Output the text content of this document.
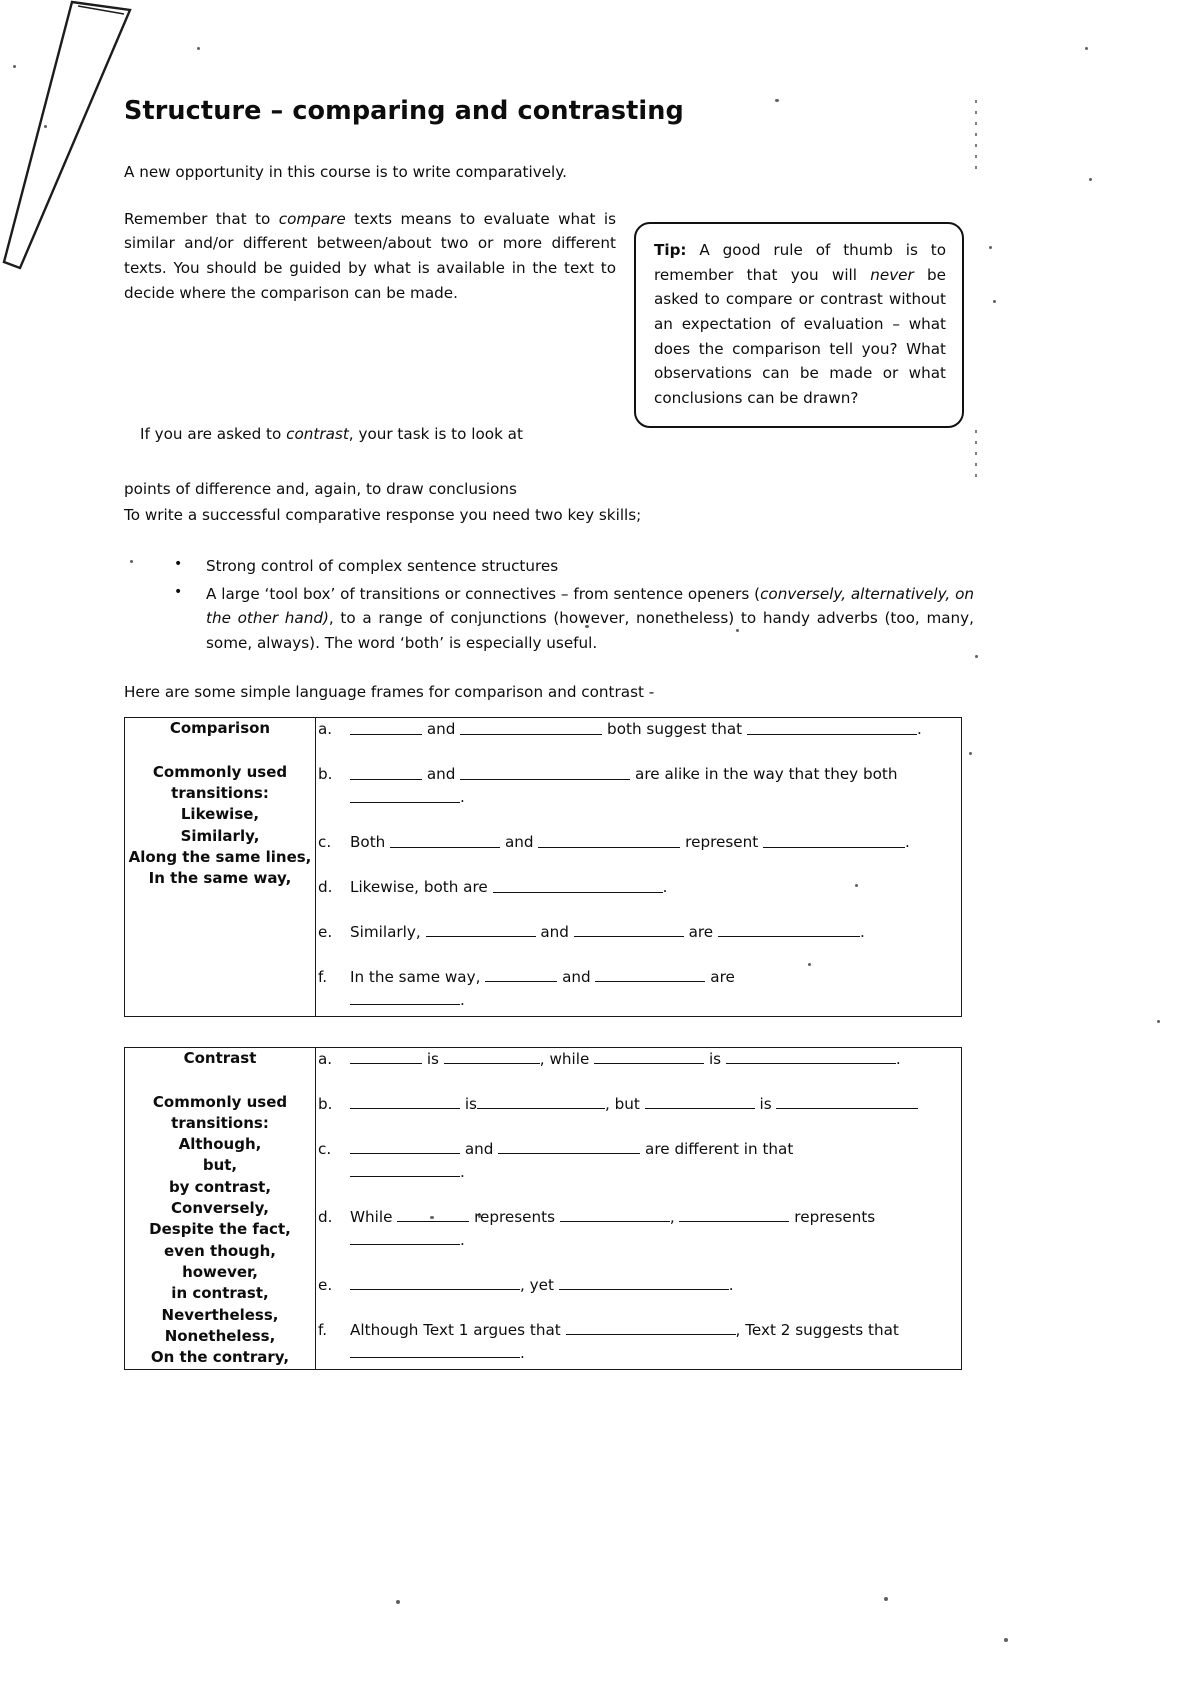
Structure – comparing and contrasting

A new opportunity in this course is to write comparatively.

Remember that to compare texts means to evaluate what is similar and/or different between/about two or more different texts. You should be guided by what is available in the text to decide where the comparison can be made.

Tip: A good rule of thumb is to remember that you will never be asked to compare or contrast without an expectation of evaluation – what does the comparison tell you? What observations can be made or what conclusions can be drawn?

If you are asked to contrast, your task is to look at

points of difference and, again, to draw conclusions

To write a successful comparative response you need two key skills;

• Strong control of complex sentence structures
• A large ‘tool box’ of transitions or connectives – from sentence openers (conversely, alternatively, on the other hand), to a range of conjunctions (however, nonetheless) to handy adverbs (too, many, some, always). The word ‘both’ is especially useful.

Here are some simple language frames for comparison and contrast -

Comparison
Commonly used
transitions:
Likewise,
Similarly,
Along the same lines,
In the same way,

a.	and	both suggest that	.
b.	and	are alike in the way that they both
.
c. Both	and	represent	.
d. Likewise, both are	.
e. Similarly,	and	are	.
f. In the same way,	and	are
.
Contrast
Commonly used
transitions:
Although,
but,
by contrast,
Conversely,
Despite the fact,
even though,
however,
in contrast,
Nevertheless,
Nonetheless,
On the contrary,

a.	is	, while	is	.
b.	is	, but	is
c.	and	are different in that
.
d. While	represents	,	represents
.
e.	, yet	.
f. Although Text 1 argues that	, Text 2 suggests that
.
